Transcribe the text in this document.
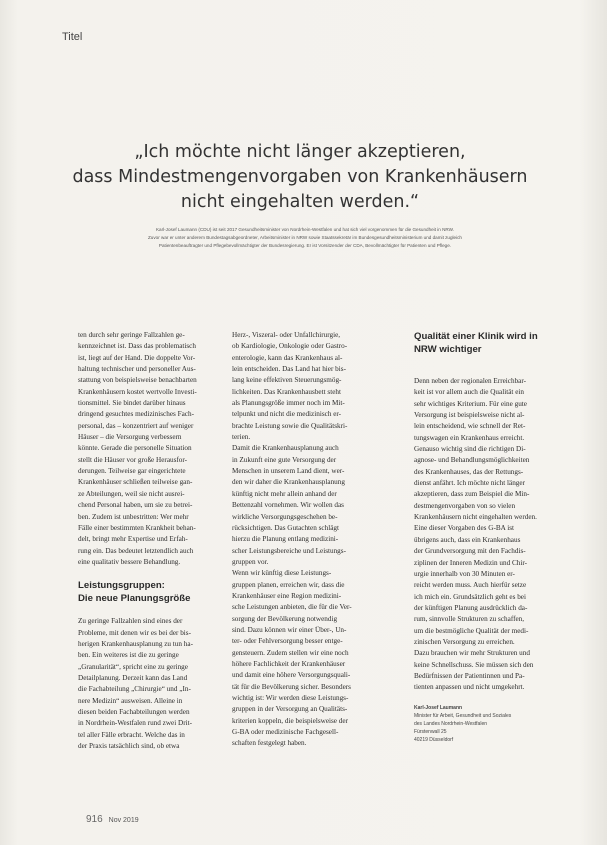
Titel
„Ich möchte nicht länger akzeptieren,
dass Mindestmengenvorgaben von Krankenhäusern
nicht eingehalten werden.“
Karl-Josef Laumann (CDU) ist seit 2017 Gesundheitsminister von Nordrhein-Westfalen und hat sich viel vorgenommen für die Gesundheit in NRW.
Zuvor war er unter anderem Bundestagsabgeordneter, Arbeitsminister in NRW sowie Staatssekretär im Bundesgesundheitsministerium und damit zugleich
Patientenbeauftragter und Pflegebevollmächtigter der Bundesregierung. Er ist Vorsitzender der CDA, Bevollmächtigter für Patienten und Pflege.
ten durch sehr geringe Fallzahlen ge-
kennzeichnet ist. Dass das problematisch
ist, liegt auf der Hand. Die doppelte Vor-
haltung technischer und personeller Aus-
stattung von beispielsweise benachbarten
Krankenhäusern kostet wertvolle Investi-
tionsmittel. Sie bindet darüber hinaus
dringend gesuchtes medizinisches Fach-
personal, das – konzentriert auf weniger
Häuser – die Versorgung verbessern
könnte. Gerade die personelle Situation
stellt die Häuser vor große Herausfor-
derungen. Teilweise gar eingerichtete
Krankenhäuser schließen teilweise gan-
ze Abteilungen, weil sie nicht ausrei-
chend Personal haben, um sie zu betrei-
ben. Zudem ist unbestritten: Wer mehr
Fälle einer bestimmten Krankheit behan-
delt, bringt mehr Expertise und Erfah-
rung ein. Das bedeutet letztendlich auch
eine qualitativ bessere Behandlung.
Leistungsgruppen:
Die neue Planungsgröße
Zu geringe Fallzahlen sind eines der
Probleme, mit denen wir es bei der bis-
herigen Krankenhausplanung zu tun ha-
ben. Ein weiteres ist die zu geringe
„Granularität“, spricht eine zu geringe
Detailplanung. Derzeit kann das Land
die Fachabteilung „Chirurgie“ und „In-
nere Medizin“ ausweisen. Alleine in
diesen beiden Fachabteilungen werden
in Nordrhein-Westfalen rund zwei Drit-
tel aller Fälle erbracht. Welche das in
der Praxis tatsächlich sind, ob etwa
Herz-, Viszeral- oder Unfallchirurgie,
ob Kardiologie, Onkologie oder Gastro-
enterologie, kann das Krankenhaus al-
lein entscheiden. Das Land hat hier bis-
lang keine effektiven Steuerungsmög-
lichkeiten. Das Krankenhausbett steht
als Planungsgröße immer noch im Mit-
telpunkt und nicht die medizinisch er-
brachte Leistung sowie die Qualitätskri-
terien.
Damit die Krankenhausplanung auch
in Zukunft eine gute Versorgung der
Menschen in unserem Land dient, wer-
den wir daher die Krankenhausplanung
künftig nicht mehr allein anhand der
Bettenzahl vornehmen. Wir wollen das
wirkliche Versorgungsgeschehen be-
rücksichtigen. Das Gutachten schlägt
hierzu die Planung entlang medizini-
scher Leistungsbereiche und Leistungs-
gruppen vor.
Wenn wir künftig diese Leistungs-
gruppen planen, erreichen wir, dass die
Krankenhäuser eine Region medizini-
sche Leistungen anbieten, die für die Ver-
sorgung der Bevölkerung notwendig
sind. Dazu können wir einer Über-, Un-
ter- oder Fehlversorgung besser entge-
gensteuern. Zudem stellen wir eine noch
höhere Fachlichkeit der Krankenhäuser
und damit eine höhere Versorgungsquali-
tät für die Bevölkerung sicher. Besonders
wichtig ist: Wir werden diese Leistungs-
gruppen in der Versorgung an Qualitäts-
kriterien koppeln, die beispielsweise der
G-BA oder medizinische Fachgesell-
schaften festgelegt haben.
Qualität einer Klinik wird in
NRW wichtiger
Denn neben der regionalen Erreichbar-
keit ist vor allem auch die Qualität ein
sehr wichtiges Kriterium. Für eine gute
Versorgung ist beispielsweise nicht al-
lein entscheidend, wie schnell der Ret-
tungswagen ein Krankenhaus erreicht.
Genauso wichtig sind die richtigen Di-
agnose- und Behandlungsmöglichkeiten
des Krankenhauses, das der Rettungs-
dienst anfährt. Ich möchte nicht länger
akzeptieren, dass zum Beispiel die Min-
destmengenvorgaben von so vielen
Krankenhäusern nicht eingehalten werden.
Eine dieser Vorgaben des G-BA ist
übrigens auch, dass ein Krankenhaus
der Grundversorgung mit den Fachdis-
ziplinen der Inneren Medizin und Chir-
urgie innerhalb von 30 Minuten er-
reicht werden muss. Auch hierfür setze
ich mich ein. Grundsätzlich geht es bei
der künftigen Planung ausdrücklich da-
rum, sinnvolle Strukturen zu schaffen,
um die bestmögliche Qualität der medi-
zinischen Versorgung zu erreichen.
Dazu brauchen wir mehr Strukturen und
keine Schnellschuss. Sie müssen sich den
Bedürfnissen der Patientinnen und Pa-
tienten anpassen und nicht umgekehrt.
Karl-Josef Laumann
Minister für Arbeit, Gesundheit und Soziales
des Landes Nordrhein-Westfalen
Fürstenwall 25
40219 Düsseldorf
916 Nov 2019
